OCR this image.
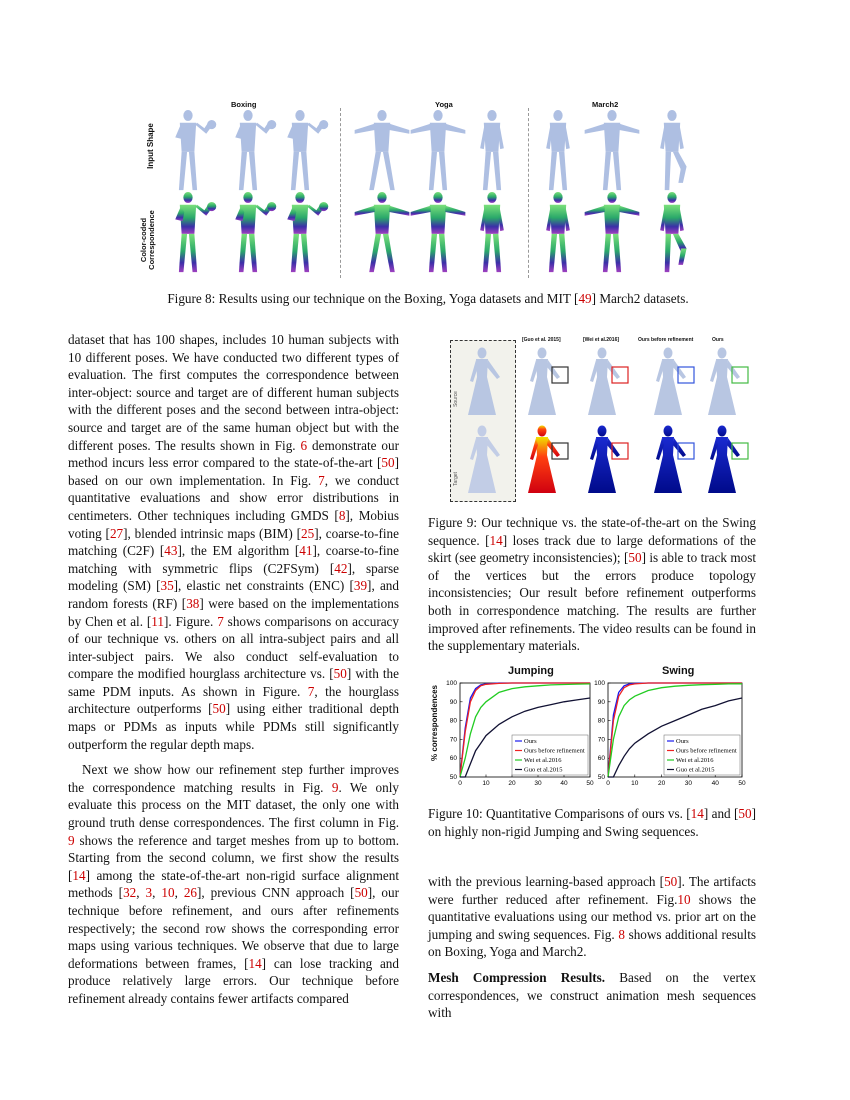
Boxing	Yoga	March2
Input Shape
Color-coded Correspondence
Figure 8: Results using our technique on the Boxing, Yoga datasets and MIT [49] March2 datasets.

dataset that has 100 shapes, includes 10 human subjects with 10 different poses. We have conducted two different types of evaluation. The first computes the correspondence between inter-object: source and target are of different human subjects with the different poses and the second between intra-object: source and target are of the same human object but with the different poses. The results shown in Fig. 6 demonstrate our method incurs less error compared to the state-of-the-art [50] based on our own implementation. In Fig. 7, we conduct quantitative evaluations and show error distributions in centimeters. Other techniques including GMDS [8], Mobius voting [27], blended intrinsic maps (BIM) [25], coarse-to-fine matching (C2F) [43], the EM algorithm [41], coarse-to-fine matching with symmetric flips (C2FSym) [42], sparse modeling (SM) [35], elastic net constraints (ENC) [39], and random forests (RF) [38] were based on the implementations by Chen et al. [11]. Figure. 7 shows comparisons on accuracy of our technique vs. others on all intra-subject pairs and all inter-subject pairs. We also conduct self-evaluation to compare the modified hourglass architecture vs. [50] with the same PDM inputs. As shown in Figure. 7, the hourglass architecture outperforms [50] using either traditional depth maps or PDMs as inputs while PDMs still significantly outperform the regular depth maps.

Next we show how our refinement step further improves the correspondence matching results in Fig. 9. We only evaluate this process on the MIT dataset, the only one with ground truth dense correspondences. The first column in Fig. 9 shows the reference and target meshes from up to bottom. Starting from the second column, we first show the results [14] among the state-of-the-art non-rigid surface alignment methods [32, 3, 10, 26], previous CNN approach [50], our technique before refinement, and ours after refinements respectively; the second row shows the corresponding error maps using various techniques. We observe that due to large deformations between frames, [14] can lose tracking and produce relatively large errors. Our technique before refinement already contains fewer artifacts compared

Source
Target
[Guo et al. 2015]	[Wei et al.2016]	Ours before refinement	Ours
Figure 9: Our technique vs. the state-of-the-art on the Swing sequence. [14] loses track due to large deformations of the skirt (see geometry inconsistencies); [50] is able to track most of the vertices but the errors produce topology inconsistencies; Our result before refinement outperforms both in correspondence matching. The results are further improved after refinements. The video results can be found in the supplementary materials.
Jumping	Swing
% correspondences
50
60
70
80
90
100
0	10	20	30	40	50
Ours
Ours before refinement
Wei et al.2016
Guo et al.2015
50
60
70
80
90
100
0	10	20	30	40	50
Ours
Ours before refinement
Wei et al.2016
Guo et al.2015
Figure 10: Quantitative Comparisons of ours vs. [14] and [50] on highly non-rigid Jumping and Swing sequences.

with the previous learning-based approach [50]. The artifacts were further reduced after refinement. Fig.10 shows the quantitative evaluations using our method vs. prior art on the jumping and swing sequences. Fig. 8 shows additional results on Boxing, Yoga and March2.

Mesh Compression Results. Based on the vertex correspondences, we construct animation mesh sequences with
